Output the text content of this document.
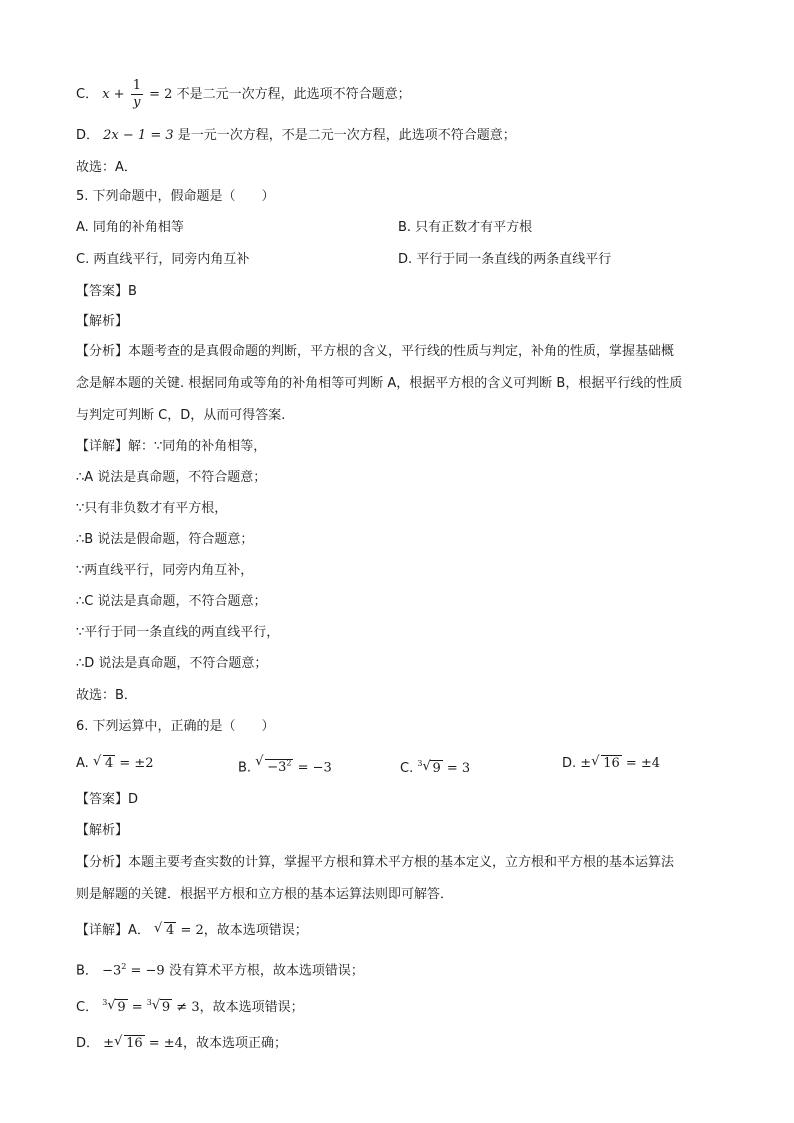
C． $x + \frac{1}{y} = 2$ 不是二元一次方程，此选项不符合题意；
D． 2x − 1 = 3 是一元一次方程，不是二元一次方程，此选项不符合题意；
故选：A．
5. 下列命题中，假命题是（　　）
A. 同角的补角相等	B. 只有正数才有平方根
C. 两直线平行，同旁内角互补	D. 平行于同一条直线的两条直线平行
【答案】B
【解析】
【分析】本题考查的是真假命题的判断，平方根的含义，平行线的性质与判定，补角的性质，掌握基础概
念是解本题的关键. 根据同角或等角的补角相等可判断 A，根据平方根的含义可判断 B，根据平行线的性质
与判定可判断 C，D，从而可得答案.
【详解】解：∵同角的补角相等，
∴A 说法是真命题，不符合题意；
∵只有非负数才有平方根，
∴B 说法是假命题，符合题意；
∵两直线平行，同旁内角互补，
∴C 说法是真命题，不符合题意；
∵平行于同一条直线的两直线平行，
∴D 说法是真命题，不符合题意；
故选：B．
6. 下列运算中，正确的是（　　）
A. √ 4 = ±2	B. √ $-3^2 = -3$	C. $^3$ √ 9 = 3	D. ± √ 16 = ±4
【答案】D
【解析】
【分析】本题主要考查实数的计算，掌握平方根和算术平方根的基本定义，立方根和平方根的基本运算法
则是解题的关键．根据平方根和立方根的基本运算法则即可解答．
【详解】A． √ 4 = 2，故本选项错误；
B． $-3^2 = -9$ 没有算术平方根，故本选项错误；
C． $^3$ √ 9 = $^3$ √ 9 ≠ 3，故本选项错误；
D． ± √ 16 = ±4，故本选项正确；
